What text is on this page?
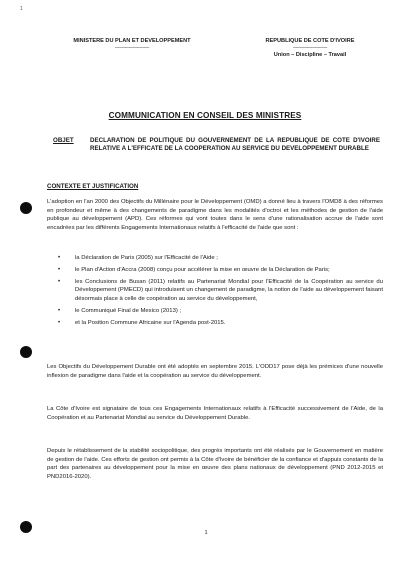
1
MINISTERE DU PLAN ET DEVELOPPEMENT
-------------------------
REPUBLIQUE DE COTE D'IVOIRE
-------------------------
Union – Discipline – Travail
COMMUNICATION EN CONSEIL DES MINISTRES
OBJET	DECLARATION DE POLITIQUE DU GOUVERNEMENT DE LA REPUBLIQUE DE COTE D'IVOIRE RELATIVE A L'EFFICATE DE LA COOPERATION AU SERVICE DU DEVELOPPEMENT DURABLE
CONTEXTE ET JUSTIFICATION

L'adoption en l'an 2000 des Objectifs du Millénaire pour le Développement (OMD) a donné lieu à travers l'OMD8 à des réformes en profondeur et même à des changements de paradigme dans les modalités d'octroi et les méthodes de gestion de l'aide publique au développement (APD). Ces réformes qui vont toutes dans le sens d'une rationalisation accrue de l'aide sont encadrées par les différents Engagements Internationaux relatifs à l'efficacité de l'aide que sont :

• la Déclaration de Paris (2005) sur l'Efficacité de l'Aide ;
• le Plan d'Action d'Accra (2008) conçu pour accélérer la mise en œuvre de la Déclaration de Paris;
• les Conclusions de Busan (2011) relatifs au Partenariat Mondial pour l'Efficacité de la Coopération au service du Développement (PMECD) qui introduisent un changement de paradigme, la notion de l'aide au développement faisant désormais place à celle de coopération au service du développement,
• le Communiqué Final de Mexico (2013) ;
• et la Position Commune Africaine sur l'Agenda post-2015.

Les Objectifs du Développement Durable ont été adoptés en septembre 2015. L'ODD17 pose déjà les prémices d'une nouvelle inflexion de paradigme dans l'aide et la coopération au service du développement.

La Côte d'Ivoire est signataire de tous ces Engagements Internationaux relatifs à l'Efficacité successivement de l'Aide, de la Coopération et au Partenariat Mondial au service du Développement Durable.

Depuis le rétablissement de la stabilité sociopolitique, des progrès importants ont été réalisés par le Gouvernement en matière de gestion de l'aide. Ces efforts de gestion ont permis à la Côte d'Ivoire de bénéficier de la confiance et d'appuis constants de la part des partenaires au développement pour la mise en œuvre des plans nationaux de développement (PND 2012-2015 et PND2016-2020).

1
